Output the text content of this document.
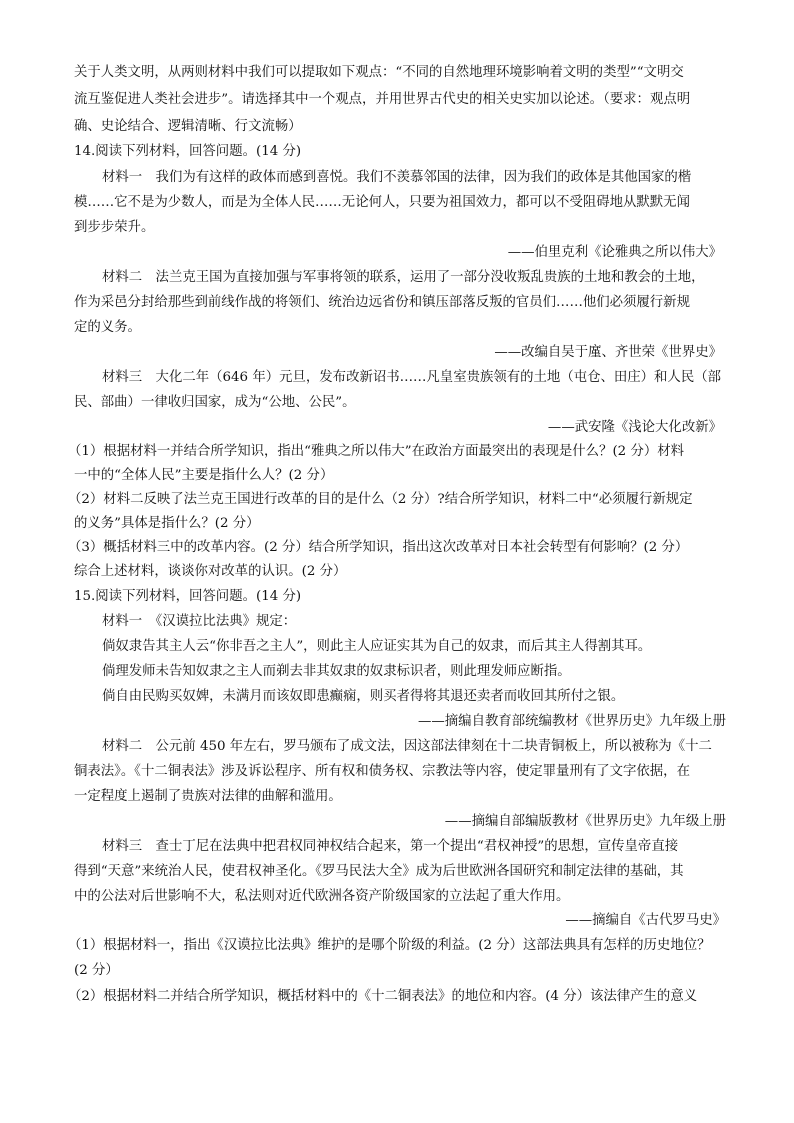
关于人类文明，从两则材料中我们可以提取如下观点：“不同的自然地理环境影响着文明的类型”“文明交
流互鉴促进人类社会进步”。请选择其中一个观点，并用世界古代史的相关史实加以论述。（要求：观点明
确、史论结合、逻辑清晰、行文流畅）
14.阅读下列材料，回答问题。(14 分)
材料一　我们为有这样的政体而感到喜悦。我们不羡慕邻国的法律，因为我们的政体是其他国家的楷
模……它不是为少数人，而是为全体人民……无论何人，只要为祖国效力，都可以不受阻碍地从默默无闻
到步步荣升。
——伯里克利《论雅典之所以伟大》
材料二　法兰克王国为直接加强与军事将领的联系，运用了一部分没收叛乱贵族的土地和教会的土地，
作为采邑分封给那些到前线作战的将领们、统治边远省份和镇压部落反叛的官员们……他们必须履行新规
定的义务。
——改编自吴于廑、齐世荣《世界史》
材料三　大化二年（646 年）元旦，发布改新诏书……凡皇室贵族领有的土地（屯仓、田庄）和人民（部
民、部曲）一律收归国家，成为“公地、公民”。
——武安隆《浅论大化改新》
（1）根据材料一并结合所学知识，指出“雅典之所以伟大”在政治方面最突出的表现是什么？(2 分）材料
一中的“全体人民”主要是指什么人？(2 分）
（2）材料二反映了法兰克王国进行改革的目的是什么（2 分）?结合所学知识，材料二中“必须履行新规定
的义务”具体是指什么？(2 分）
（3）概括材料三中的改革内容。(2 分）结合所学知识，指出这次改革对日本社会转型有何影响？(2 分）
综合上述材料，谈谈你对改革的认识。(2 分）
15.阅读下列材料，回答问题。(14 分)
材料一　《汉谟拉比法典》规定：
倘奴隶告其主人云“你非吾之主人”，则此主人应证实其为自己的奴隶，而后其主人得割其耳。
倘理发师未告知奴隶之主人而剃去非其奴隶的奴隶标识者，则此理发师应断指。
倘自由民购买奴婢，未满月而该奴即患癫痫，则买者得将其退还卖者而收回其所付之银。
——摘编自教育部统编教材《世界历史》九年级上册
材料二　公元前 450 年左右，罗马颁布了成文法，因这部法律刻在十二块青铜板上，所以被称为《十二
铜表法》。《十二铜表法》涉及诉讼程序、所有权和债务权、宗教法等内容，使定罪量刑有了文字依据，在
一定程度上遏制了贵族对法律的曲解和滥用。
——摘编自部编版教材《世界历史》九年级上册
材料三　查士丁尼在法典中把君权同神权结合起来，第一个提出“君权神授”的思想，宣传皇帝直接
得到“天意”来统治人民，使君权神圣化。《罗马民法大全》成为后世欧洲各国研究和制定法律的基础，其
中的公法对后世影响不大，私法则对近代欧洲各资产阶级国家的立法起了重大作用。
——摘编自《古代罗马史》
（1）根据材料一，指出《汉谟拉比法典》维护的是哪个阶级的利益。(2 分）这部法典具有怎样的历史地位？
(2 分）
（2）根据材料二并结合所学知识，概括材料中的《十二铜表法》的地位和内容。(4 分）该法律产生的意义
